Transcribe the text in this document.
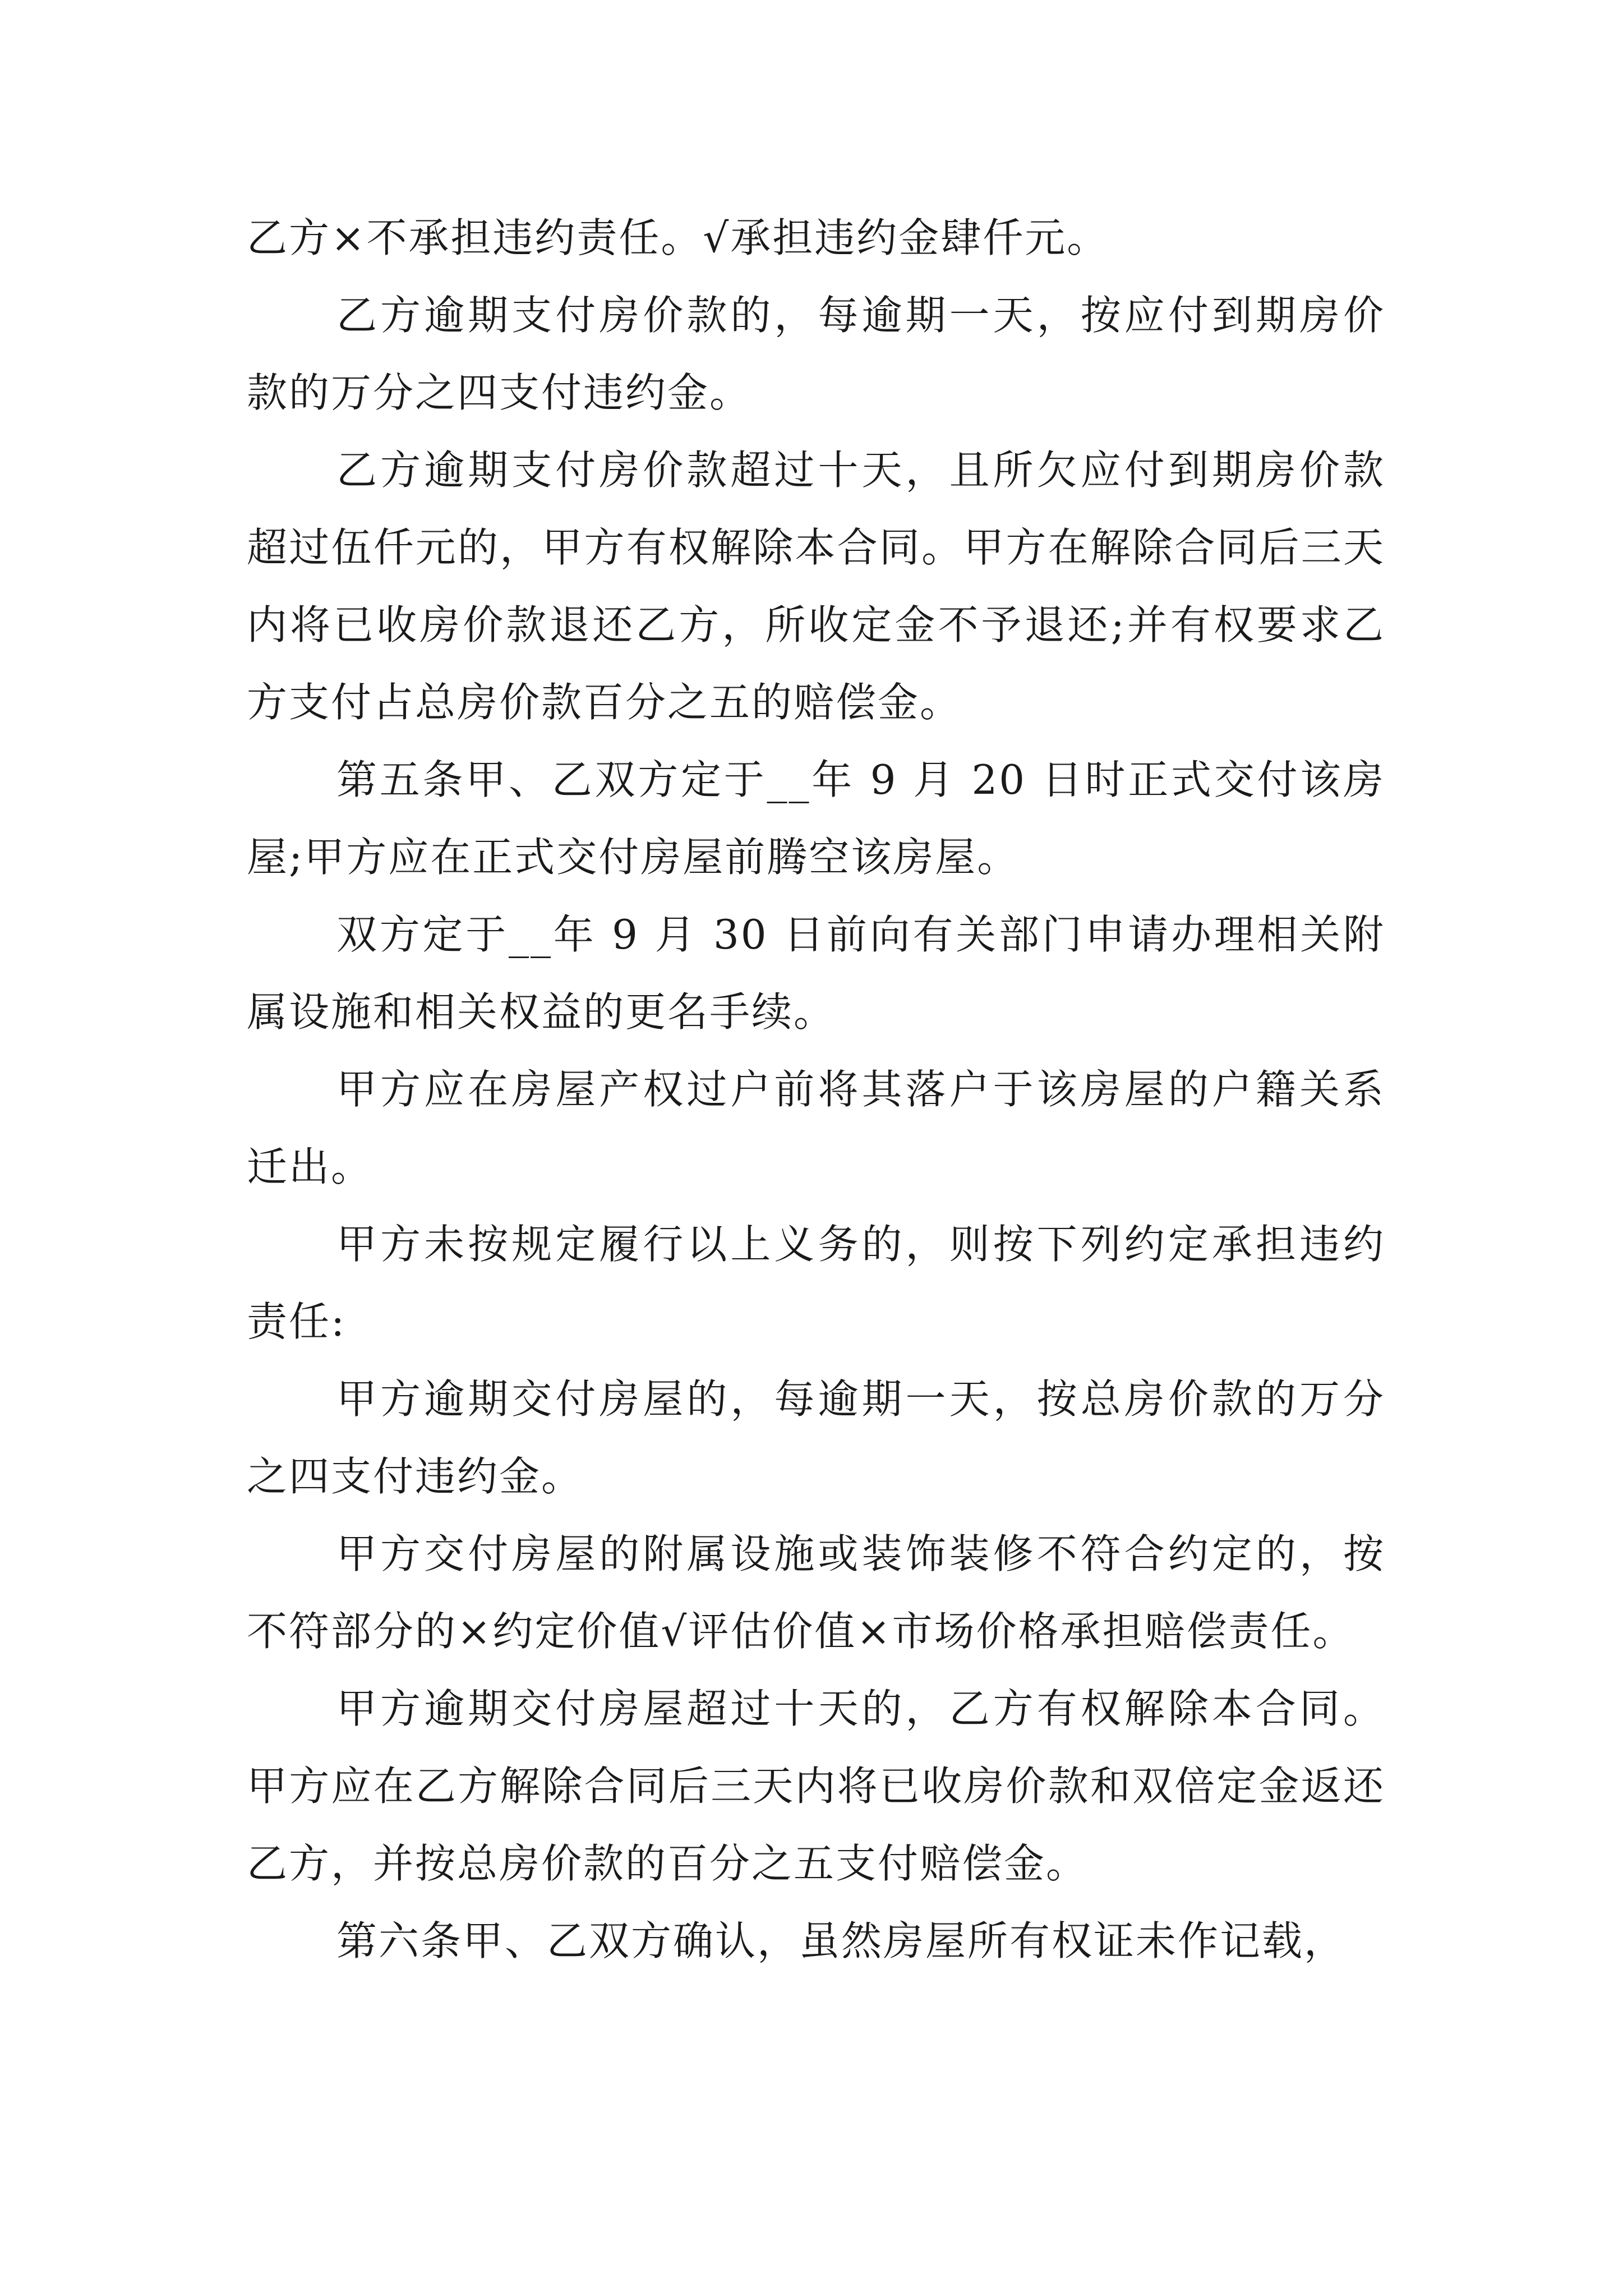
乙方×不承担违约责任。√承担违约金肆仟元。

乙方逾期支付房价款的，每逾期一天，按应付到期房价款的万分之四支付违约金。

乙方逾期支付房价款超过十天，且所欠应付到期房价款超过伍仟元的，甲方有权解除本合同。甲方在解除合同后三天内将已收房价款退还乙方，所收定金不予退还;并有权要求乙方支付占总房价款百分之五的赔偿金。

第五条甲、乙双方定于__年 9 月 20 日时正式交付该房屋;甲方应在正式交付房屋前腾空该房屋。

双方定于__年 9 月 30 日前向有关部门申请办理相关附属设施和相关权益的更名手续。

甲方应在房屋产权过户前将其落户于该房屋的户籍关系迁出。

甲方未按规定履行以上义务的，则按下列约定承担违约责任:

甲方逾期交付房屋的，每逾期一天，按总房价款的万分之四支付违约金。

甲方交付房屋的附属设施或装饰装修不符合约定的，按不符部分的×约定价值√评估价值×市场价格承担赔偿责任。

甲方逾期交付房屋超过十天的，乙方有权解除本合同。甲方应在乙方解除合同后三天内将已收房价款和双倍定金返还乙方，并按总房价款的百分之五支付赔偿金。

第六条甲、乙双方确认，虽然房屋所有权证未作记载，
